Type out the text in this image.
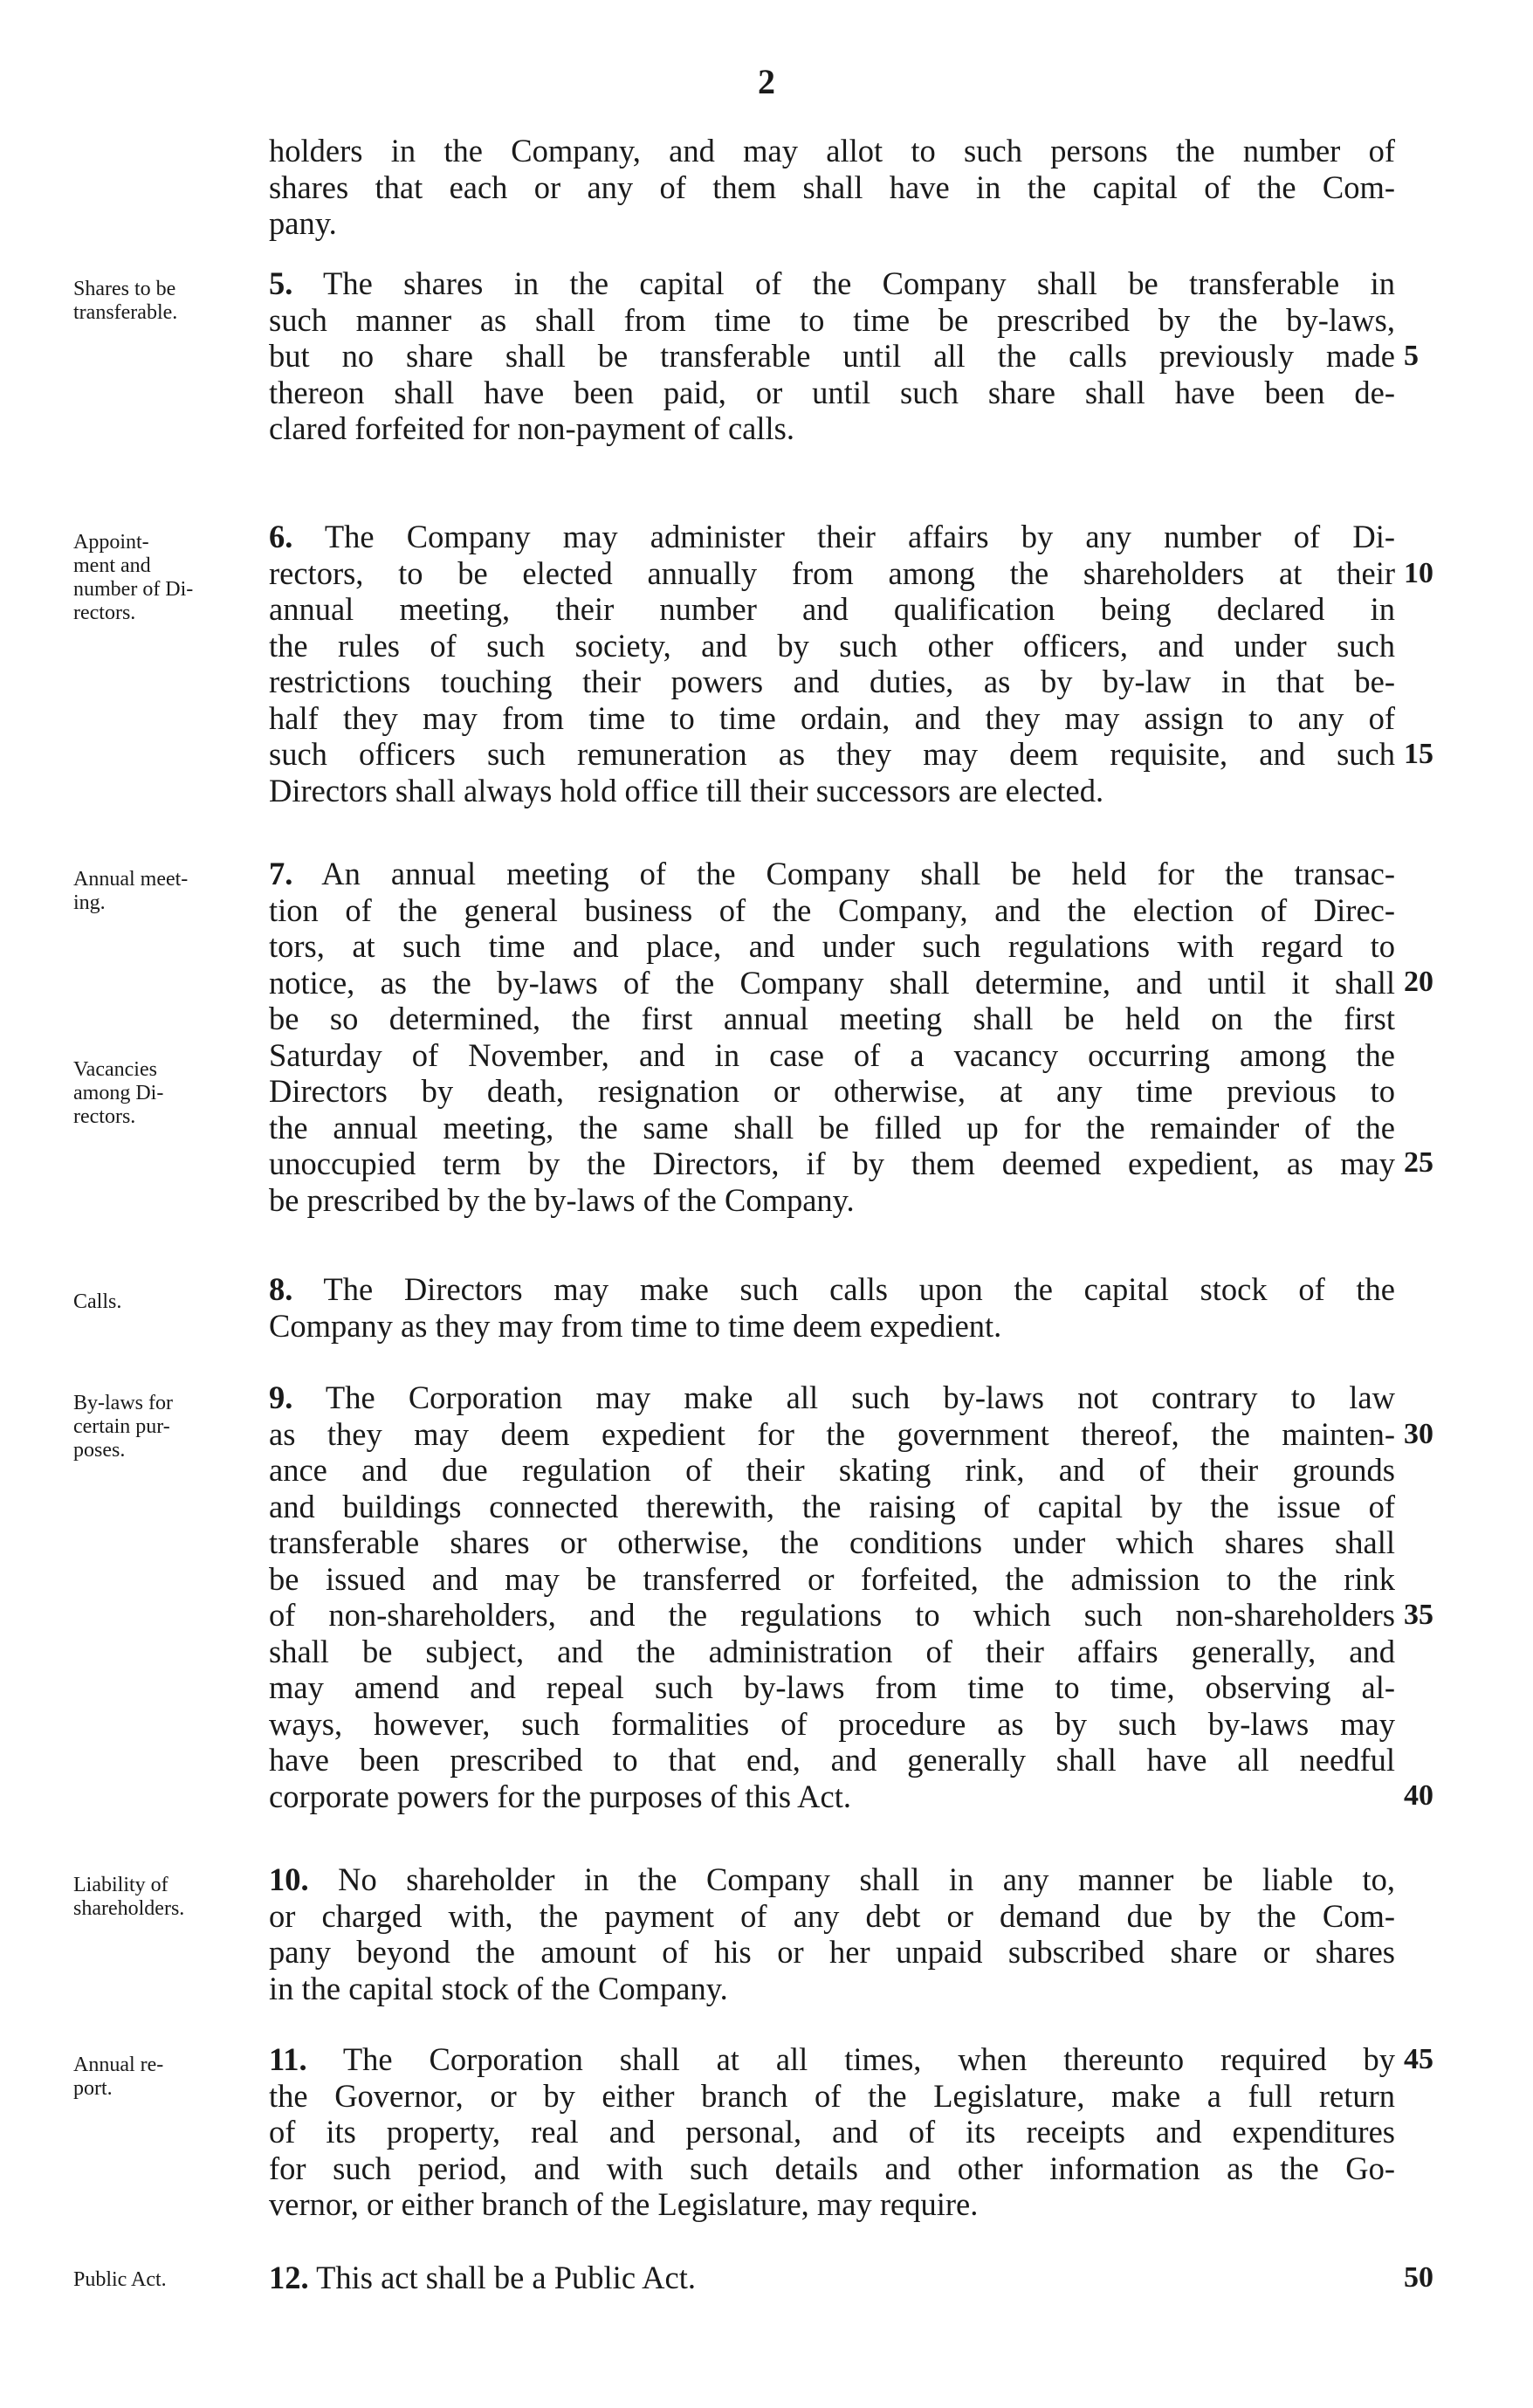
2
holders in the Company, and may allot to such persons the number of
shares that each or any of them shall have in the capital of the Com-
pany.
Shares to be
transferable.
5. The shares in the capital of the Company shall be transferable in
such manner as shall from time to time be prescribed by the by-laws,
but no share shall be transferable until all the calls previously made
thereon shall have been paid, or until such share shall have been de-
clared forfeited for non-payment of calls.
Appoint-
ment and
number of Di-
rectors.
6. The Company may administer their affairs by any number of Di-
rectors, to be elected annually from among the shareholders at their
annual meeting, their number and qualification being declared in
the rules of such society, and by such other officers, and under such
restrictions touching their powers and duties, as by by-law in that be-
half they may from time to time ordain, and they may assign to any of
such officers such remuneration as they may deem requisite, and such
Directors shall always hold office till their successors are elected.
Annual meet-
ing.
Vacancies
among Di-
rectors.
7. An annual meeting of the Company shall be held for the transac-
tion of the general business of the Company, and the election of Direc-
tors, at such time and place, and under such regulations with regard to
notice, as the by-laws of the Company shall determine, and until it shall
be so determined, the first annual meeting shall be held on the first
Saturday of November, and in case of a vacancy occurring among the
Directors by death, resignation or otherwise, at any time previous to
the annual meeting, the same shall be filled up for the remainder of the
unoccupied term by the Directors, if by them deemed expedient, as may
be prescribed by the by-laws of the Company.
Calls.	8. The Directors may make such calls upon the capital stock of the
Company as they may from time to time deem expedient.
By-laws for
certain pur-
poses.
9. The Corporation may make all such by-laws not contrary to law
as they may deem expedient for the government thereof, the mainten-
ance and due regulation of their skating rink, and of their grounds
and buildings connected therewith, the raising of capital by the issue of
transferable shares or otherwise, the conditions under which shares shall
be issued and may be transferred or forfeited, the admission to the rink
of non-shareholders, and the regulations to which such non-shareholders
shall be subject, and the administration of their affairs generally, and
may amend and repeal such by-laws from time to time, observing al-
ways, however, such formalities of procedure as by such by-laws may
have been prescribed to that end, and generally shall have all needful
corporate powers for the purposes of this Act.
Liability of
shareholders.
10. No shareholder in the Company shall in any manner be liable to,
or charged with, the payment of any debt or demand due by the Com-
pany beyond the amount of his or her unpaid subscribed share or shares
in the capital stock of the Company.
Annual re-
port.
11. The Corporation shall at all times, when thereunto required by
the Governor, or by either branch of the Legislature, make a full return
of its property, real and personal, and of its receipts and expenditures
for such period, and with such details and other information as the Go-
vernor, or either branch of the Legislature, may require.
Public Act.	12. This act shall be a Public Act.
5
10
15
20
25
30
35
40
45
50
